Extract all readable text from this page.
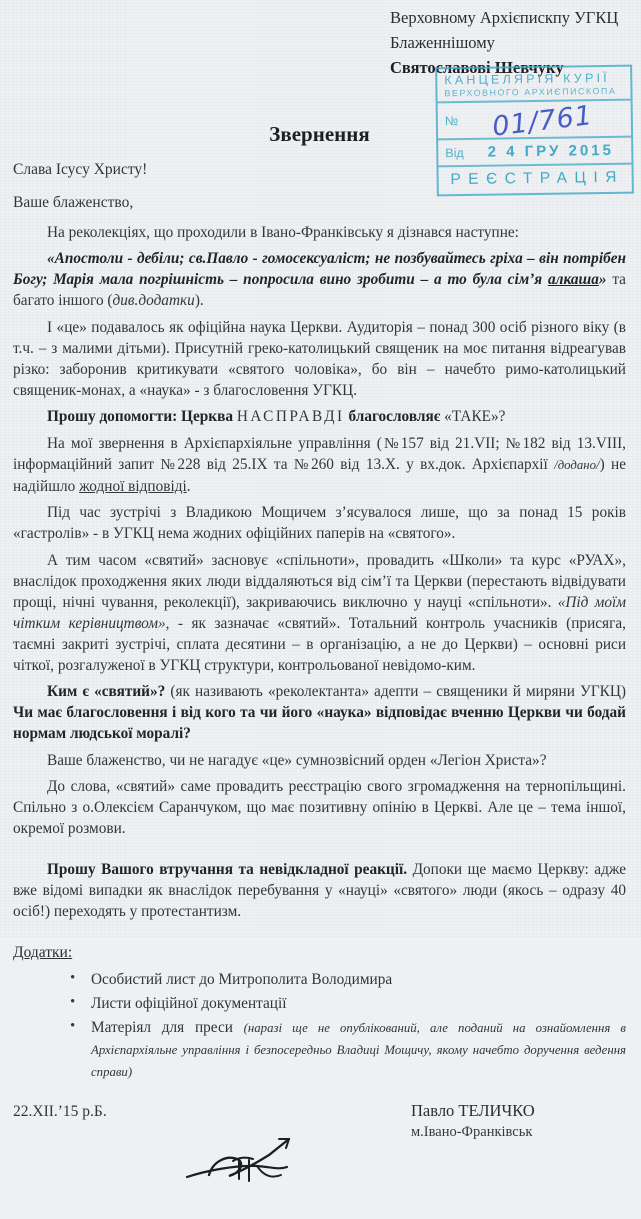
Верховному Архієпискпу УГКЦ
Блаженнішому
Святославові Шевчуку
КАНЦЕЛЯРІЯ КУРІЇ
ВЕРХОВНОГО АРХИЄПИСКОПА
№ 01/761
Від 2 4 ГРУ 2015
РЕЄСТРАЦІЯ
Звернення

Слава Ісусу Христу!

Ваше блаженство,

На реколекціях, що проходили в Івано-Франківську я дізнався наступне:

«Апостоли - дебіли; св.Павло - гомосексуаліст; не позбувайтесь гріха – він потрібен Богу; Марія мала погрішність – попросила вино зробити – а то була сім’я алкаша» та багато іншого (див.додатки).

І «це» подавалось як офіційна наука Церкви. Аудиторія – понад 300 осіб різного віку (в т.ч. – з малими дітьми). Присутній греко-католицький священик на моє питання відреагував різко: заборонив критикувати «святого чоловіка», бо він – начебто римо-католицький священик-монах, а «наука» - з благословення УГКЦ.

Прошу допомогти: Церква НАСПРАВДІ благословляє «ТАКЕ»?

На мої звернення в Архієпархіяльне управління (№157 від 21.VII; №182 від 13.VIII, інформаційний запит №228 від 25.IX та №260 від 13.X. у вх.док. Архієпархії /додано/) не надійшло жодної відповіді.

Під час зустрічі з Владикою Мощичем з’ясувалося лише, що за понад 15 років «гастролів» - в УГКЦ нема жодних офіційних паперів на «святого».

А тим часом «святий» засновує «спільноти», провадить «Школи» та курс «РУАХ», внаслідок проходження яких люди віддаляються від сім’ї та Церкви (перестають відвідувати прощі, нічні чування, реколекції), закриваючись виключно у науці «спільноти». «Під моїм чітким керівництвом», - як зазначає «святий». Тотальний контроль учасників (присяга, таємні закриті зустрічі, сплата десятини – в організацію, а не до Церкви) – основні риси чіткої, розгалуженої в УГКЦ структури, контрольованої невідомо-ким.

Ким є «святий»? (як називають «реколектанта» адепти – священики й миряни УГКЦ) Чи має благословення і від кого та чи його «наука» відповідає вченню Церкви чи бодай нормам людської моралі?

Ваше блаженство, чи не нагадує «це» сумнозвісний орден «Легіон Христа»?

До слова, «святий» саме провадить реєстрацію свого згромадження на тернопільщині. Спільно з о.Олексієм Саранчуком, що має позитивну опінію в Церкві. Але це – тема іншої, окремої розмови.

Прошу Вашого втручання та невідкладної реакції. Допоки ще маємо Церкву: адже вже відомі випадки як внаслідок перебування у «науці» «святого» люди (якось – одразу 40 осіб!) переходять у протестантизм.

Додатки:
• Особистий лист до Митрополита Володимира
• Листи офіційної документації
• Матеріял для преси (наразі ще не опублікований, але поданий на ознайомлення в Архієпархіяльне управління і безпосередньо Владиці Мощичу, якому начебто доручення ведення справи)
22.XII.’15 р.Б.	Павло ТЕЛИЧКО
м.Івано-Франківськ
